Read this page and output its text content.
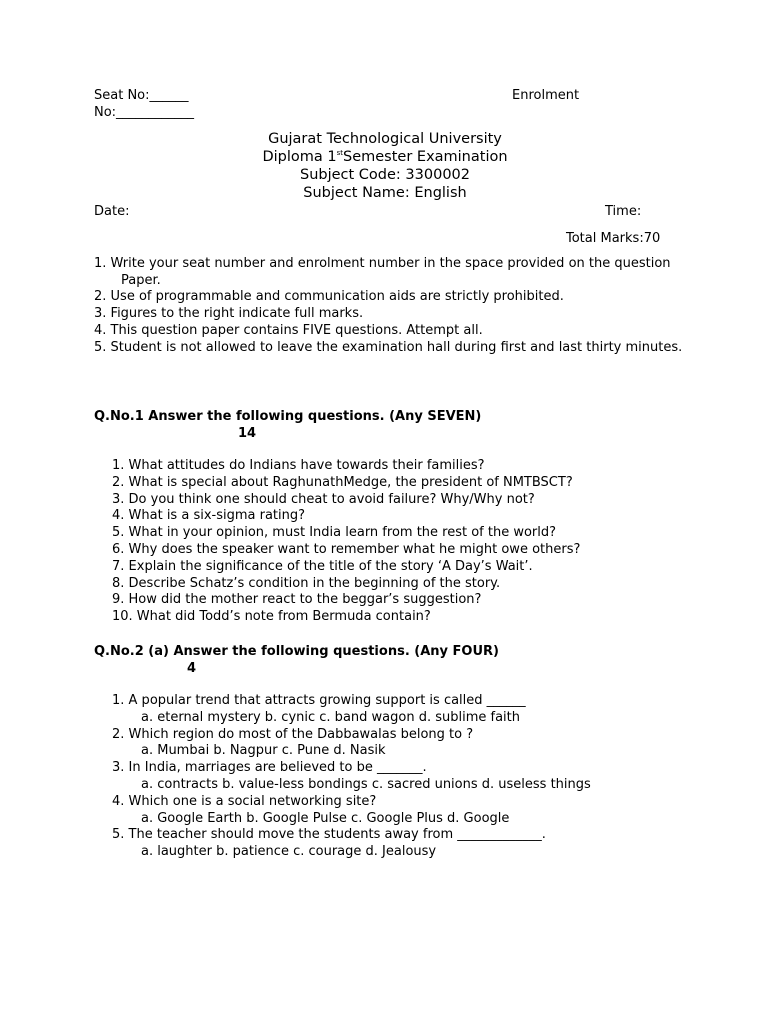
Seat No:______	Enrolment
No:____________
Gujarat Technological University
Diploma 1stSemester Examination
Subject Code: 3300002
Subject Name: English
Date:	Time:
Total Marks:70
1. Write your seat number and enrolment number in the space provided on the question
Paper.
2. Use of programmable and communication aids are strictly prohibited.
3. Figures to the right indicate full marks.
4. This question paper contains FIVE questions. Attempt all.
5. Student is not allowed to leave the examination hall during first and last thirty minutes.
Q.No.1 Answer the following questions. (Any SEVEN)
14
1. What attitudes do Indians have towards their families?
2. What is special about RaghunathMedge, the president of NMTBSCT?
3. Do you think one should cheat to avoid failure? Why/Why not?
4. What is a six-sigma rating?
5. What in your opinion, must India learn from the rest of the world?
6. Why does the speaker want to remember what he might owe others?
7. Explain the significance of the title of the story ‘A Day’s Wait’.
8. Describe Schatz’s condition in the beginning of the story.
9. How did the mother react to the beggar’s suggestion?
10. What did Todd’s note from Bermuda contain?
Q.No.2 (a) Answer the following questions. (Any FOUR)
4
1. A popular trend that attracts growing support is called ______
a. eternal mystery b. cynic c. band wagon d. sublime faith
2. Which region do most of the Dabbawalas belong to ?
a. Mumbai b. Nagpur c. Pune d. Nasik
3. In India, marriages are believed to be _______.
a. contracts b. value-less bondings c. sacred unions d. useless things
4. Which one is a social networking site?
a. Google Earth b. Google Pulse c. Google Plus d. Google
5. The teacher should move the students away from _____________.
a. laughter b. patience c. courage d. Jealousy
